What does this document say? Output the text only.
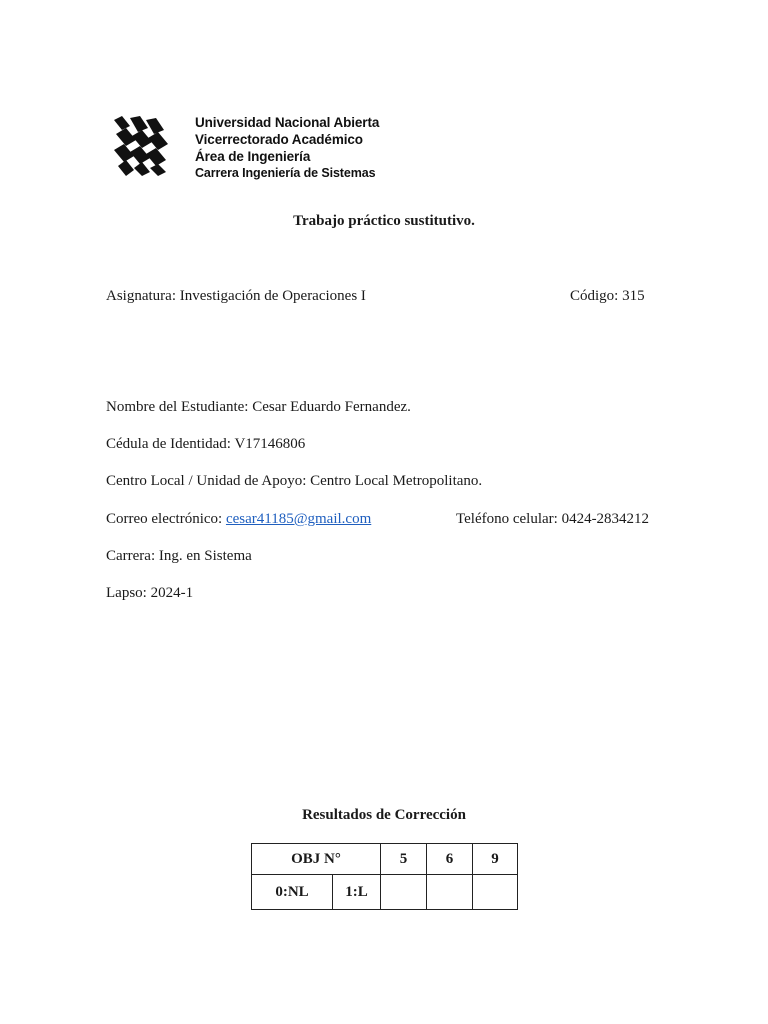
Universidad Nacional Abierta
Vicerrectorado Académico
Área de Ingeniería
Carrera Ingeniería de Sistemas
Trabajo práctico sustitutivo.
Asignatura: Investigación de Operaciones I	Código: 315
Nombre del Estudiante: Cesar Eduardo Fernandez.
Cédula de Identidad: V17146806
Centro Local / Unidad de Apoyo: Centro Local Metropolitano.
Correo electrónico: cesar41185@gmail.com	Teléfono celular: 0424-2834212
Carrera: Ing. en Sistema
Lapso: 2024-1
Resultados de Corrección
OBJ N°		5	6	9
0:NL	1:L			
